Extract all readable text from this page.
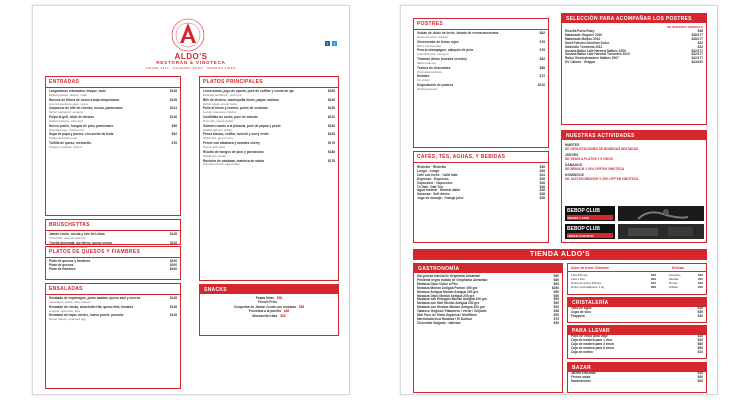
ALDO'S
RESTORAN & VINOTECA
DESDE 1974 · PALERMO SOHO · BUENOS AIRES
f	t
ENTRADAS
Langostinos rebozados, bisque, mole	$148
Grilled prawns, bisque, mole
Huevos de fritura de sesos a baja temperatura	$128
Low temperature eggs, sesos
Carpaccio de bife de chorizo, rúcula, parmesano	$114
Sirloin carpaccio, arugula
Pulpo al grill, alioli de cítricos	$148
Grilled octopus, citric aioli
Huevo poché, hongos de pino, parmesano	$98
Poached egg, mushrooms
Sopa de papa y puerro, con aceite de trufa	$92
Potato and leek soup
Tortilla de queso, membrillo	$78
Cheese omelette, quince
BRUSCHETTAS
Jamón crudo, rúcula y brie de Lobos	$128
Prosciutto, arugula and brie
Trucha ahumada, ajo tierno, queso crema	$118
Smoked trout, cream cheese
PLATOS DE QUESOS Y FIAMBRES
Plato de quesos y fiambres	$230
Plato de quesos	$200
Plato de fiambres	$160
ENSALADAS
Ensalada de espárragos, peras asadas, queso azul y nueces	$148
Asparagus, pears, blue cheese
Ensalada de rúcula, alcachofa frita, queso feta, tomates	$138
Arugula, artichoke, feta
Ensalada de hojas verdes, huevo poché, panceta	$128
Green leaves, poached egg
PLATOS PRINCIPALES
Lomo asado, jugo de oporto, puré de coliflor y crema de ajo	$268
Roasted tenderloin, porto jus
Bife de chorizo, mantequilla limón, papas rústicas	$248
Sirloin steak, lemon butter
Pollo al limón y romero, purés de verduras	$198
Lemon rosemary chicken
Costillitas de cerdo, puré de camote	$210
Pork ribs, sweet potato
Salmón rosado a la plancha, puré de papas y pesto	$248
Grilled salmon, potato
Pesca blanca, coliflor, brócoli y curry verde	$228
White fish, green curry
Penne con albahaca y tomates cherry	$178
Penne with basil
Risotto de hongos de pino y parmesano	$188
Mushroom risotto
Ravioles de calabaza, manteca de salvia	$178
Pumpkin ravioli, sage butter
SNACKS
Papas fritas $58
French Fries
Croquetas de Jamón Crudo con mostaza $88
Provoleta a la parrilla $88
Mozzarella fritas $88
POSTRES
Volcán de dulce de leche, helado de crema americana	$82
Dulce de leche volcano
Cheesecake de frutos rojos	$78
Berry cheesecake
Pera al champagne, sabayón de pera	$78
Poached pear, sabayon
Tiramisú Aldos (nuestra versión)	$82
Aldos tiramisú
Textura de chocolates	$88
Chocolate textures
Helados	$72
Ice cream
Degustación de postres	$210
Tasting dessert
CAFÉS, TÉS, AGUAS, Y BEBIDAS
Ristretto · Ristretto	$38
Lungo · Lungo	$38
Café con leche · Caffe latte	$44
Espresso · Espresso	$38
Capuccino · Capuccino	$48
Té Dalt · Dalt Tea	$38
Agua mineral · Mineral water	$38
Gaseosa · Soft drinks	$38
Jugo de naranja · Orange juice	$48
SELECCIÓN PARA ACOMPAÑAR LOS POSTRES
DE NUESTRA VINOTECA
Rosella Porto Ruby	$38
Malamado Vioguier 2010	$38/177
Malamado Malbec 2010	$38/177
Saint Felicien Semillon Dulce	$32
Salentein Tormenta 2011	$32
Susana Balbo Late Harvest Malbec 2009	$32/177
Susana Balbo Late Harvest Torrontés 2010	$32/177
Rutini Gewürztraminer Malbec 2007	$32/177
DV Catena · Grappa	$44/320
NUESTRAS ACTIVIDADES
MARTES
DE DEGUSTACIONES DE BODEGAS INVITADAS
JUEVES
DE VINOS A PLATOS + 5 VINOS
SÁBADOS
DE BRUNCH Y 20% OFF EN VINOTECA
DOMINGOS
DE JAZZ EN BRUNCH Y 20% OFF EN VINOTECA
BEBOP CLUB
MOVIDA Y JAZZ
BEBOP CLUB
UNIQUE ACOUSTIC
TIENDA ALDO'S
GASTRONOMÍA
Sal gruesa marina Ile Grapharia Almantari	$60
Pimienta negra molida Ile Graphania Almantari	$60
Mostaza Dijon Dulce a Pitu	$60
Mostaza Morían Antigua Pommr 450 grs	$280
Mostaza Antigua Morían Antigua 200 grs	$90
Mostaza Dijon Morían Antigua 200 grs	$90
Mostaza con Estragón Morían Antigua 200 grs	$90
Mostaza con Miel Morían Antigua 200 grs	$90
Mostaza con Hierbas Morían Antigua 200 grs	$90
Tabasco Original / Habanero / Verde / Chipotle	$48
Miel Puro de Sidra Orgánica / Multiflora	$90
Mermelada Inca Huatuax / El Dulfour	$75
Chocolate Salgado · tabletas	$90
Dulce de leche Chimbote	Delicias
Lata 500 grs	$56	Grandes	$56
Lata 1 kilo	$96	Medias	$52
Dulce de leche 450 grs	$46	Rocas	$56
Dulce para alfajores 1 kg	$68	Zplitter	$56
CRISTALERÍA
Vaso de agua	$30
Copa de vino	$50
Frappera	$30
PARA LLEVAR
Pack de vinos para viaje	$20
Caja de madera para 1 vino	$20
Caja de madera para 3 vinos	$60
Caja de madera para 6 vinos	$80
Caja de cartón	$10
BAZAR
Jarrito enlozado	$30
Fresco salsa	$60
Sacacorchos	$60
